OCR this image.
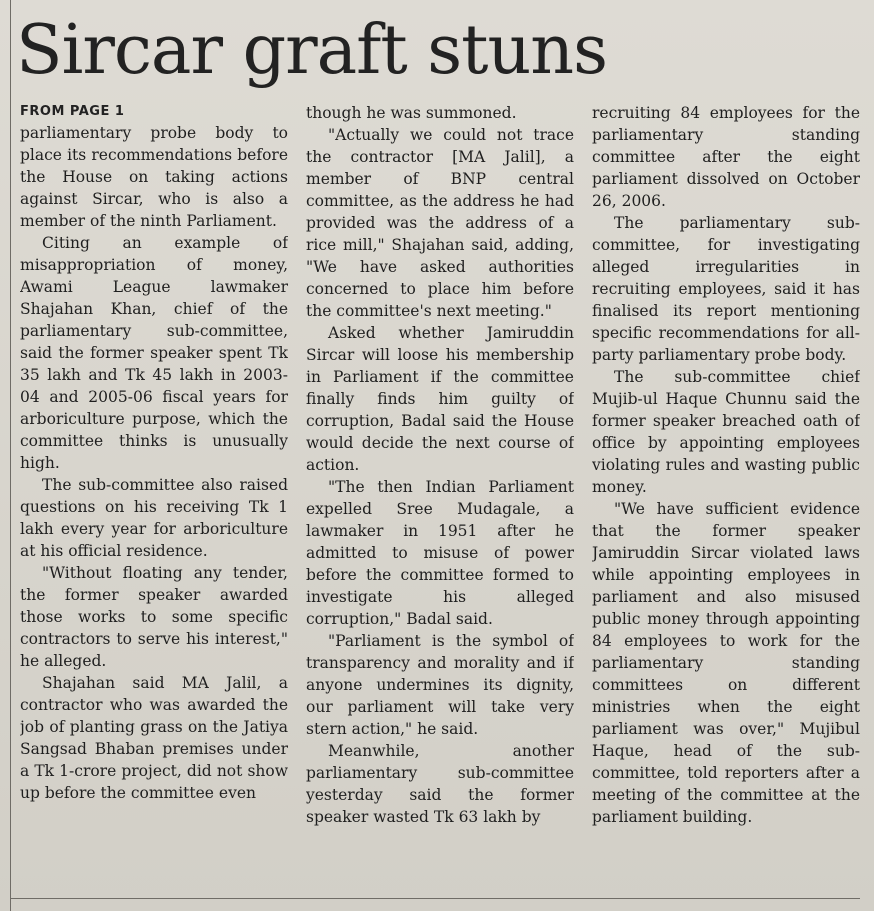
Sircar graft stuns
FROM PAGE 1

parliamentary probe body to place its recommendations before the House on taking actions against Sircar, who is also a member of the ninth Parliament.

Citing an example of misappropriation of money, Awami League lawmaker Shajahan Khan, chief of the parliamentary sub-committee, said the former speaker spent Tk 35 lakh and Tk 45 lakh in 2003-04 and 2005-06 fiscal years for arboriculture purpose, which the committee thinks is unusually high.

The sub-committee also raised questions on his receiving Tk 1 lakh every year for arboriculture at his official residence.

"Without floating any tender, the former speaker awarded those works to some specific contractors to serve his interest," he alleged.

Shajahan said MA Jalil, a contractor who was awarded the job of planting grass on the Jatiya Sangsad Bhaban premises under a Tk 1-crore project, did not show up before the committee even

though he was summoned.

"Actually we could not trace the contractor [MA Jalil], a member of BNP central committee, as the address he had provided was the address of a rice mill," Shajahan said, adding, "We have asked authorities concerned to place him before the committee's next meeting."

Asked whether Jamiruddin Sircar will loose his membership in Parliament if the committee finally finds him guilty of corruption, Badal said the House would decide the next course of action.

"The then Indian Parliament expelled Sree Mudagale, a lawmaker in 1951 after he admitted to misuse of power before the committee formed to investigate his alleged corruption," Badal said.

"Parliament is the symbol of transparency and morality and if anyone undermines its dignity, our parliament will take very stern action," he said.

Meanwhile, another parliamentary sub-committee yesterday said the former speaker wasted Tk 63 lakh by

recruiting 84 employees for the parliamentary standing committee after the eight parliament dissolved on October 26, 2006.

The parliamentary sub-committee, for investigating alleged irregularities in recruiting employees, said it has finalised its report mentioning specific recommendations for all-party parliamentary probe body.

The sub-committee chief Mujib-ul Haque Chunnu said the former speaker breached oath of office by appointing employees violating rules and wasting public money.

"We have sufficient evidence that the former speaker Jamiruddin Sircar violated laws while appointing employees in parliament and also misused public money through appointing 84 employees to work for the parliamentary standing committees on different ministries when the eight parliament was over," Mujibul Haque, head of the sub-committee, told reporters after a meeting of the committee at the parliament building.
